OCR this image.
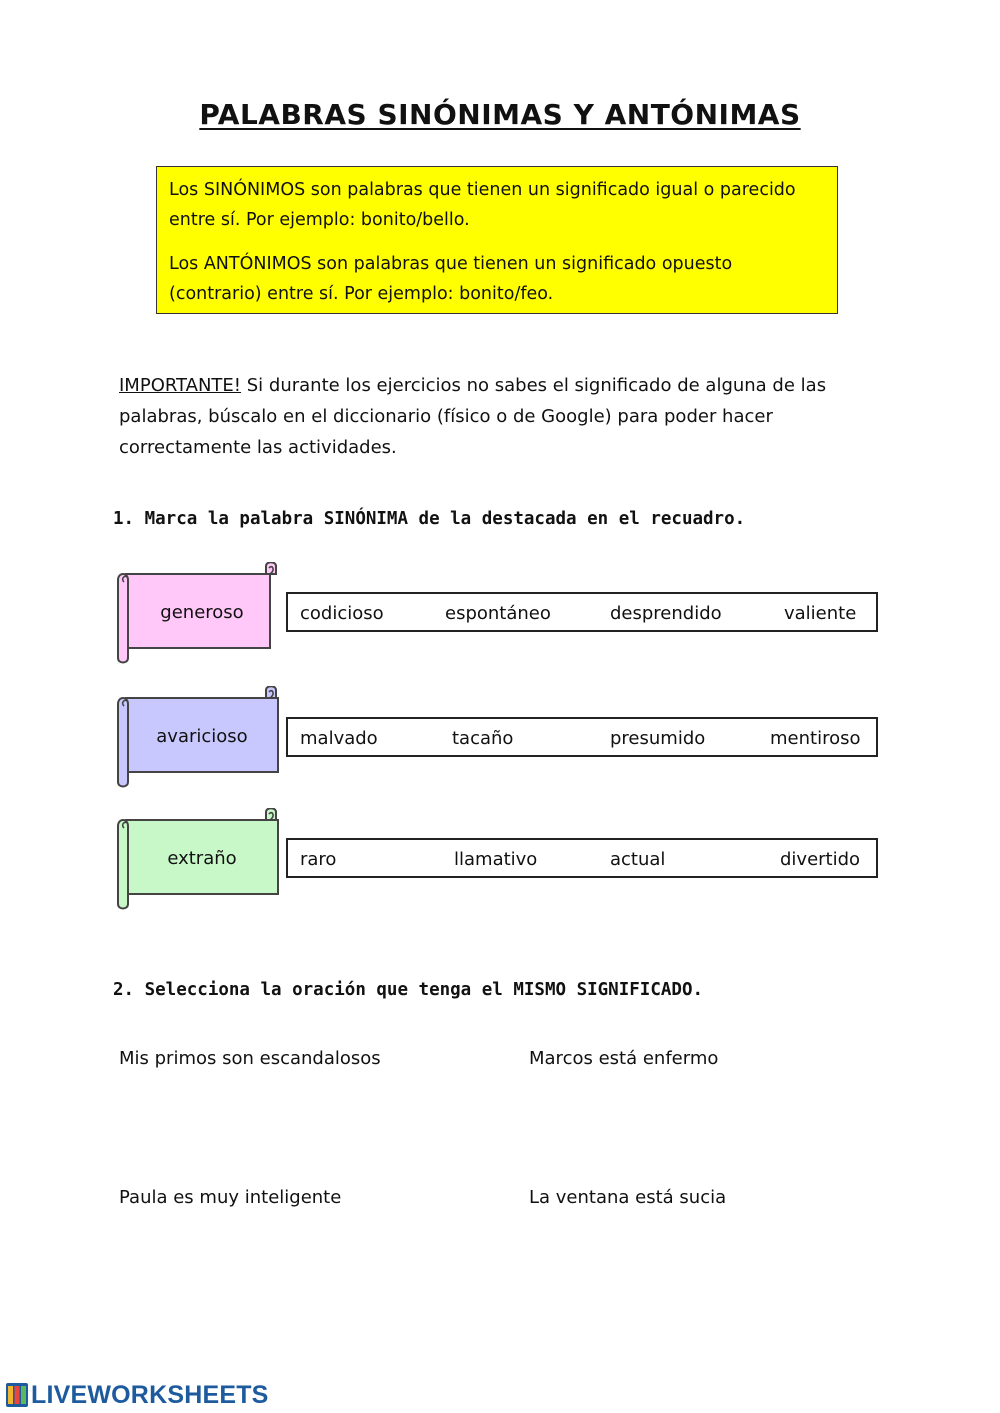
PALABRAS SINÓNIMAS Y ANTÓNIMAS

Los SINÓNIMOS son palabras que tienen un significado igual o parecido entre sí. Por ejemplo: bonito/bello.

Los ANTÓNIMOS son palabras que tienen un significado opuesto (contrario) entre sí. Por ejemplo: bonito/feo.

IMPORTANTE! Si durante los ejercicios no sabes el significado de alguna de las palabras, búscalo en el diccionario (físico o de Google) para poder hacer correctamente las actividades.
1. Marca la palabra SINÓNIMA de la destacada en el recuadro.
generoso	codicioso	espontáneo	desprendido	valiente
avaricioso	malvado	tacaño	presumido	mentiroso
extraño	raro	llamativo	actual	divertido
2. Selecciona la oración que tenga el MISMO SIGNIFICADO.
Mis primos son escandalosos	Marcos está enfermo
Paula es muy inteligente	La ventana está sucia
LIVEWORKSHEETS
